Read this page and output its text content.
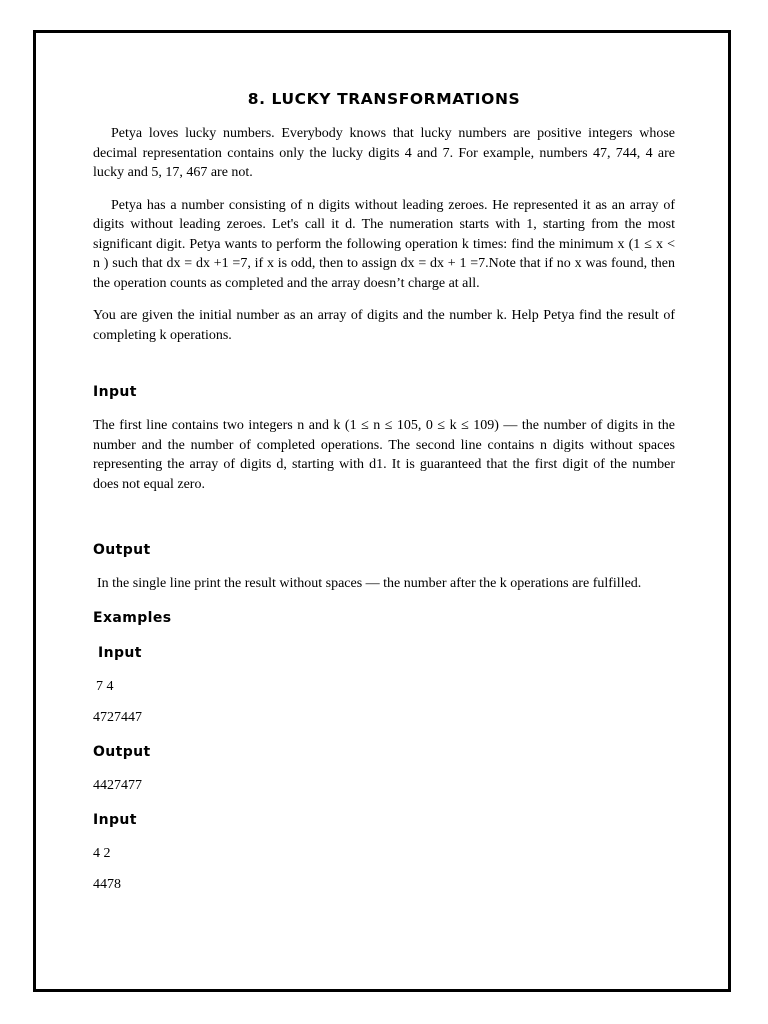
8. LUCKY TRANSFORMATIONS

Petya loves lucky numbers. Everybody knows that lucky numbers are positive integers whose decimal representation contains only the lucky digits 4 and 7. For example, numbers 47, 744, 4 are lucky and 5, 17, 467 are not.

Petya has a number consisting of n digits without leading zeroes. He represented it as an array of digits without leading zeroes. Let's call it d. The numeration starts with 1, starting from the most significant digit. Petya wants to perform the following operation k times: find the minimum x (1 ≤ x < n ) such that dx = dx +1 =7, if x is odd, then to assign dx = dx + 1 =7.Note that if no x was found, then the operation counts as completed and the array doesn’t charge at all.

You are given the initial number as an array of digits and the number k. Help Petya find the result of completing k operations.

Input

The first line contains two integers n and k (1 ≤ n ≤ 105, 0 ≤ k ≤ 109) — the number of digits in the number and the number of completed operations. The second line contains n digits without spaces representing the array of digits d, starting with d1. It is guaranteed that the first digit of the number does not equal zero.

Output

In the single line print the result without spaces — the number after the k operations are fulfilled.

Examples
Input
7 4
4727447
Output
4427477
Input
4 2
4478
